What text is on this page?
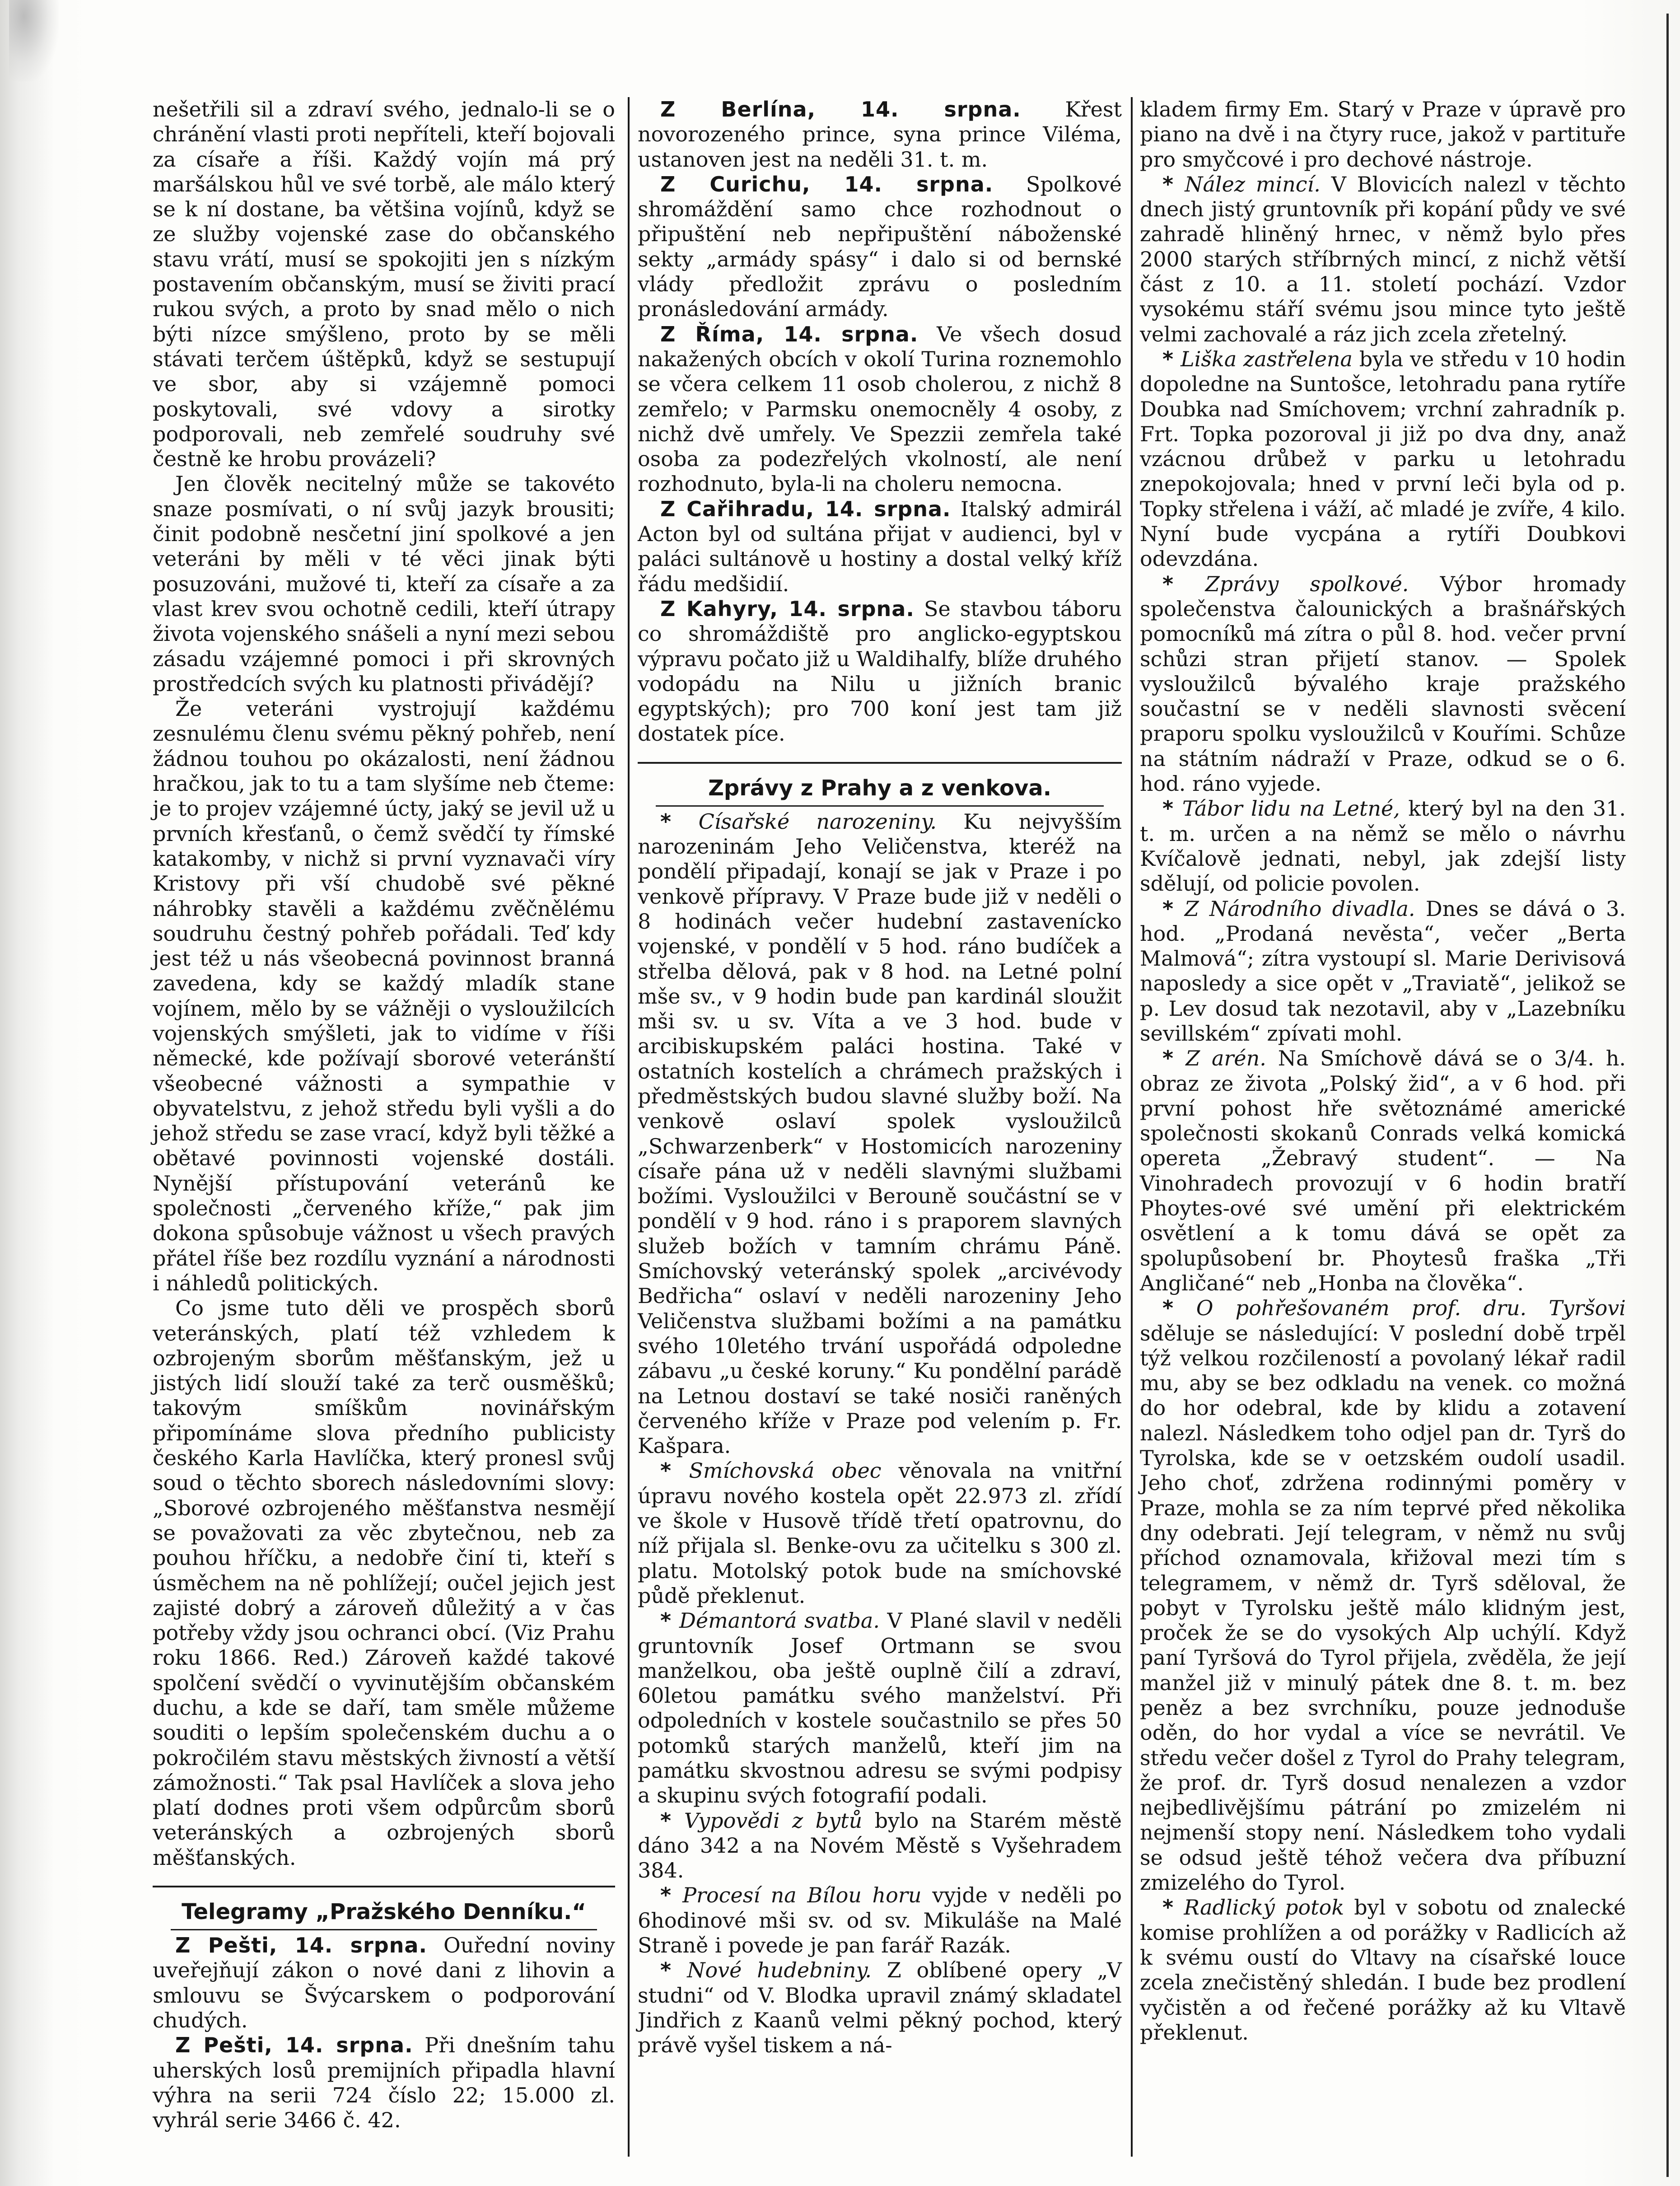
nešetřili sil a zdraví svého, jednalo-li se o chránění vlasti proti nepříteli, kteří bojovali za císaře a říši. Každý vojín má prý maršálskou hůl ve své torbě, ale málo který se k ní dostane, ba většina vojínů, když se ze služby vojenské zase do občanského stavu vrátí, musí se spokojiti jen s nízkým postavením občanským, musí se živiti prací rukou svých, a proto by snad mělo o nich býti nízce smýšleno, proto by se měli stávati terčem úštěpků, když se sestupují ve sbor, aby si vzájemně pomoci poskytovali, své vdovy a sirotky podporovali, neb zemřelé soudruhy své čestně ke hrobu provázeli?

Jen člověk necitelný může se takovéto snaze posmívati, o ní svůj jazyk brousiti; činit podobně nesčetní jiní spolkové a jen veteráni by měli v té věci jinak býti posuzováni, mužové ti, kteří za císaře a za vlast krev svou ochotně cedili, kteří útrapy života vojenského snášeli a nyní mezi sebou zásadu vzájemné pomoci i při skrovných prostředcích svých ku platnosti přivádějí?

Že veteráni vystrojují každému zesnulému členu svému pěkný pohřeb, není žádnou touhou po okázalosti, není žádnou hračkou, jak to tu a tam slyšíme neb čteme: je to projev vzájemné úcty, jaký se jevil už u prvních křesťanů, o čemž svědčí ty římské katakomby, v nichž si první vyznavači víry Kristovy při vší chudobě své pěkné náhrobky stavěli a každému zvěčnělému soudruhu čestný pohřeb pořádali. Teď kdy jest též u nás všeobecná povinnost branná zavedena, kdy se každý mladík stane vojínem, mělo by se vážněji o vysloužilcích vojenských smýšleti, jak to vidíme v říši německé, kde požívají sborové veteránští všeobecné vážnosti a sympathie v obyvatelstvu, z jehož středu byli vyšli a do jehož středu se zase vrací, když byli těžké a obětavé povinnosti vojenské dostáli. Nynější přístupování veteránů ke společnosti „červeného kříže,“ pak jim dokona spůsobuje vážnost u všech pravých přátel říše bez rozdílu vyznání a národnosti i náhledů politických.

Co jsme tuto děli ve prospěch sborů veteránských, platí též vzhledem k ozbrojeným sborům měšťanským, jež u jistých lidí slouží také za terč ousměšků; takovým smíškům novinářským připomínáme slova předního publicisty českého Karla Havlíčka, který pronesl svůj soud o těchto sborech následovními slovy: „Sborové ozbrojeného měšťanstva nesmějí se považovati za věc zbytečnou, neb za pouhou hříčku, a nedobře činí ti, kteří s úsměchem na ně pohlížejí; oučel jejich jest zajisté dobrý a zároveň důležitý a v čas potřeby vždy jsou ochranci obcí. (Viz Prahu roku 1866. Red.) Zároveň každé takové spolčení svědčí o vyvinutějším občanském duchu, a kde se daří, tam směle můžeme souditi o lepším společenském duchu a o pokročilém stavu městských živností a větší zámožnosti.“ Tak psal Havlíček a slova jeho platí dodnes proti všem odpůrcům sborů veteránských a ozbrojených sborů měšťanských.

Telegramy „Pražského Denníku.“

Z Pešti, 14. srpna. Ouřední noviny uveřejňují zákon o nové dani z lihovin a smlouvu se Švýcarskem o podporování chudých.

Z Pešti, 14. srpna. Při dnešním tahu uherských losů premijních připadla hlavní výhra na serii 724 číslo 22; 15.000 zl. vyhrál serie 3466 č. 42.

Z Berlína, 14. srpna. Křest novorozeného prince, syna prince Viléma, ustanoven jest na neděli 31. t. m.

Z Curichu, 14. srpna. Spolkové shromáždění samo chce rozhodnout o připuštění neb nepřipuštění náboženské sekty „armády spásy“ i dalo si od bernské vlády předložit zprávu o posledním pronásledování armády.

Z Říma, 14. srpna. Ve všech dosud nakažených obcích v okolí Turina roznemohlo se včera celkem 11 osob cholerou, z nichž 8 zemřelo; v Parmsku onemocněly 4 osoby, z nichž dvě umřely. Ve Spezzii zemřela také osoba za podezřelých vkolností, ale není rozhodnuto, byla-li na choleru nemocna.

Z Cařihradu, 14. srpna. Italský admirál Acton byl od sultána přijat v audienci, byl v paláci sultánově u hostiny a dostal velký kříž řádu medšidií.

Z Kahyry, 14. srpna. Se stavbou táboru co shromáždiště pro anglicko-egyptskou výpravu počato již u Waldihalfy, blíže druhého vodopádu na Nilu u jižních branic egyptských); pro 700 koní jest tam již dostatek píce.

Zprávy z Prahy a z venkova.

* Císařské narozeniny. Ku nejvyšším narozeninám Jeho Veličenstva, kteréž na pondělí připadají, konají se jak v Praze i po venkově přípravy. V Praze bude již v neděli o 8 hodinách večer hudební zastavenícko vojenské, v pondělí v 5 hod. ráno budíček a střelba dělová, pak v 8 hod. na Letné polní mše sv., v 9 hodin bude pan kardinál sloužit mši sv. u sv. Víta a ve 3 hod. bude v arcibiskupském paláci hostina. Také v ostatních kostelích a chrámech pražských i předměstských budou slavné služby boží. Na venkově oslaví spolek vysloužilců „Schwarzenberk“ v Hostomicích narozeniny císaře pána už v neděli slavnými službami božími. Vysloužilci v Berouně součástní se v pondělí v 9 hod. ráno i s praporem slavných služeb božích v tamním chrámu Páně. Smíchovský veteránský spolek „arcivévody Bedřicha“ oslaví v neděli narozeniny Jeho Veličenstva službami božími a na památku svého 10letého trvání uspořádá odpoledne zábavu „u české koruny.“ Ku pondělní parádě na Letnou dostaví se také nosiči raněných červeného kříže v Praze pod velením p. Fr. Kašpara.

* Smíchovská obec věnovala na vnitřní úpravu nového kostela opět 22.973 zl. zřídí ve škole v Husově třídě třetí opatrovnu, do níž přijala sl. Benke-ovu za učitelku s 300 zl. platu. Motolský potok bude na smíchovské půdě překlenut.

* Démantorá svatba. V Plané slavil v neděli gruntovník Josef Ortmann se svou manželkou, oba ještě ouplně čilí a zdraví, 60letou památku svého manželství. Při odpoledních v kostele součastnilo se přes 50 potomků starých manželů, kteří jim na památku skvostnou adresu se svými podpisy a skupinu svých fotografií podali.

* Vypovědi z bytů bylo na Starém městě dáno 342 a na Novém Městě s Vyšehradem 384.

* Procesí na Bílou horu vyjde v neděli po 6hodinové mši sv. od sv. Mikuláše na Malé Straně i povede je pan farář Razák.

* Nové hudebniny. Z oblíbené opery „V studni“ od V. Blodka upravil známý skladatel Jindřich z Kaanů velmi pěkný pochod, který právě vyšel tiskem a ná-

kladem firmy Em. Starý v Praze v úpravě pro piano na dvě i na čtyry ruce, jakož v partituře pro smyčcové i pro dechové nástroje.

* Nález mincí. V Blovicích nalezl v těchto dnech jistý gruntovník při kopání půdy ve své zahradě hliněný hrnec, v němž bylo přes 2000 starých stříbrných mincí, z nichž větší část z 10. a 11. století pochází. Vzdor vysokému stáří svému jsou mince tyto ještě velmi zachovalé a ráz jich zcela zřetelný.

* Liška zastřelena byla ve středu v 10 hodin dopoledne na Suntošce, letohradu pana rytíře Doubka nad Smíchovem; vrchní zahradník p. Frt. Topka pozoroval ji již po dva dny, anaž vzácnou drůbež v parku u letohradu znepokojovala; hned v první leči byla od p. Topky střelena i váží, ač mladé je zvíře, 4 kilo. Nyní bude vycpána a rytíři Doubkovi odevzdána.

* Zprávy spolkové. Výbor hromady společenstva čalounických a brašnářských pomocníků má zítra o půl 8. hod. večer první schůzi stran přijetí stanov. — Spolek vysloužilců bývalého kraje pražského součastní se v neděli slavnosti svěcení praporu spolku vysloužilců v Kouřími. Schůze na státním nádraží v Praze, odkud se o 6. hod. ráno vyjede.

* Tábor lidu na Letné, který byl na den 31. t. m. určen a na němž se mělo o návrhu Kvíčalově jednati, nebyl, jak zdejší listy sdělují, od policie povolen.

* Z Národního divadla. Dnes se dává o 3. hod. „Prodaná nevěsta“, večer „Berta Malmová“; zítra vystoupí sl. Marie Derivisová naposledy a sice opět v „Traviatě“, jelikož se p. Lev dosud tak nezotavil, aby v „Lazebníku sevillském“ zpívati mohl.

* Z arén. Na Smíchově dává se o 3/4. h. obraz ze života „Polský žid“, a v 6 hod. při první pohost hře světoznámé americké společnosti skokanů Conrads velká komická opereta „Žebravý student“. — Na Vinohradech provozují v 6 hodin bratří Phoytes-ové své umění při elektrickém osvětlení a k tomu dává se opět za spolupůsobení br. Phoytesů fraška „Tři Angličané“ neb „Honba na člověka“.

* O pohřešovaném prof. dru. Tyršovi sděluje se následující: V poslední době trpěl týž velkou rozčileností a povolaný lékař radil mu, aby se bez odkladu na venek. co možná do hor odebral, kde by klidu a zotavení nalezl. Následkem toho odjel pan dr. Tyrš do Tyrolska, kde se v oetzském oudolí usadil. Jeho choť, zdržena rodinnými poměry v Praze, mohla se za ním teprvé před několika dny odebrati. Její telegram, v němž nu svůj příchod oznamovala, křižoval mezi tím s telegramem, v němž dr. Tyrš sděloval, že pobyt v Tyrolsku ještě málo klidným jest, proček že se do vysokých Alp uchýlí. Když paní Tyršová do Tyrol přijela, zvěděla, že její manžel již v minulý pátek dne 8. t. m. bez peněz a bez svrchníku, pouze jednoduše oděn, do hor vydal a více se nevrátil. Ve středu večer došel z Tyrol do Prahy telegram, že prof. dr. Tyrš dosud nenalezen a vzdor nejbedlivějšímu pátrání po zmizelém ni nejmenší stopy není. Následkem toho vydali se odsud ještě téhož večera dva příbuzní zmizelého do Tyrol.

* Radlický potok byl v sobotu od znalecké komise prohlížen a od porážky v Radlicích až k svému oustí do Vltavy na císařské louce zcela znečistěný shledán. I bude bez prodlení vyčistěn a od řečené porážky až ku Vltavě překlenut.
